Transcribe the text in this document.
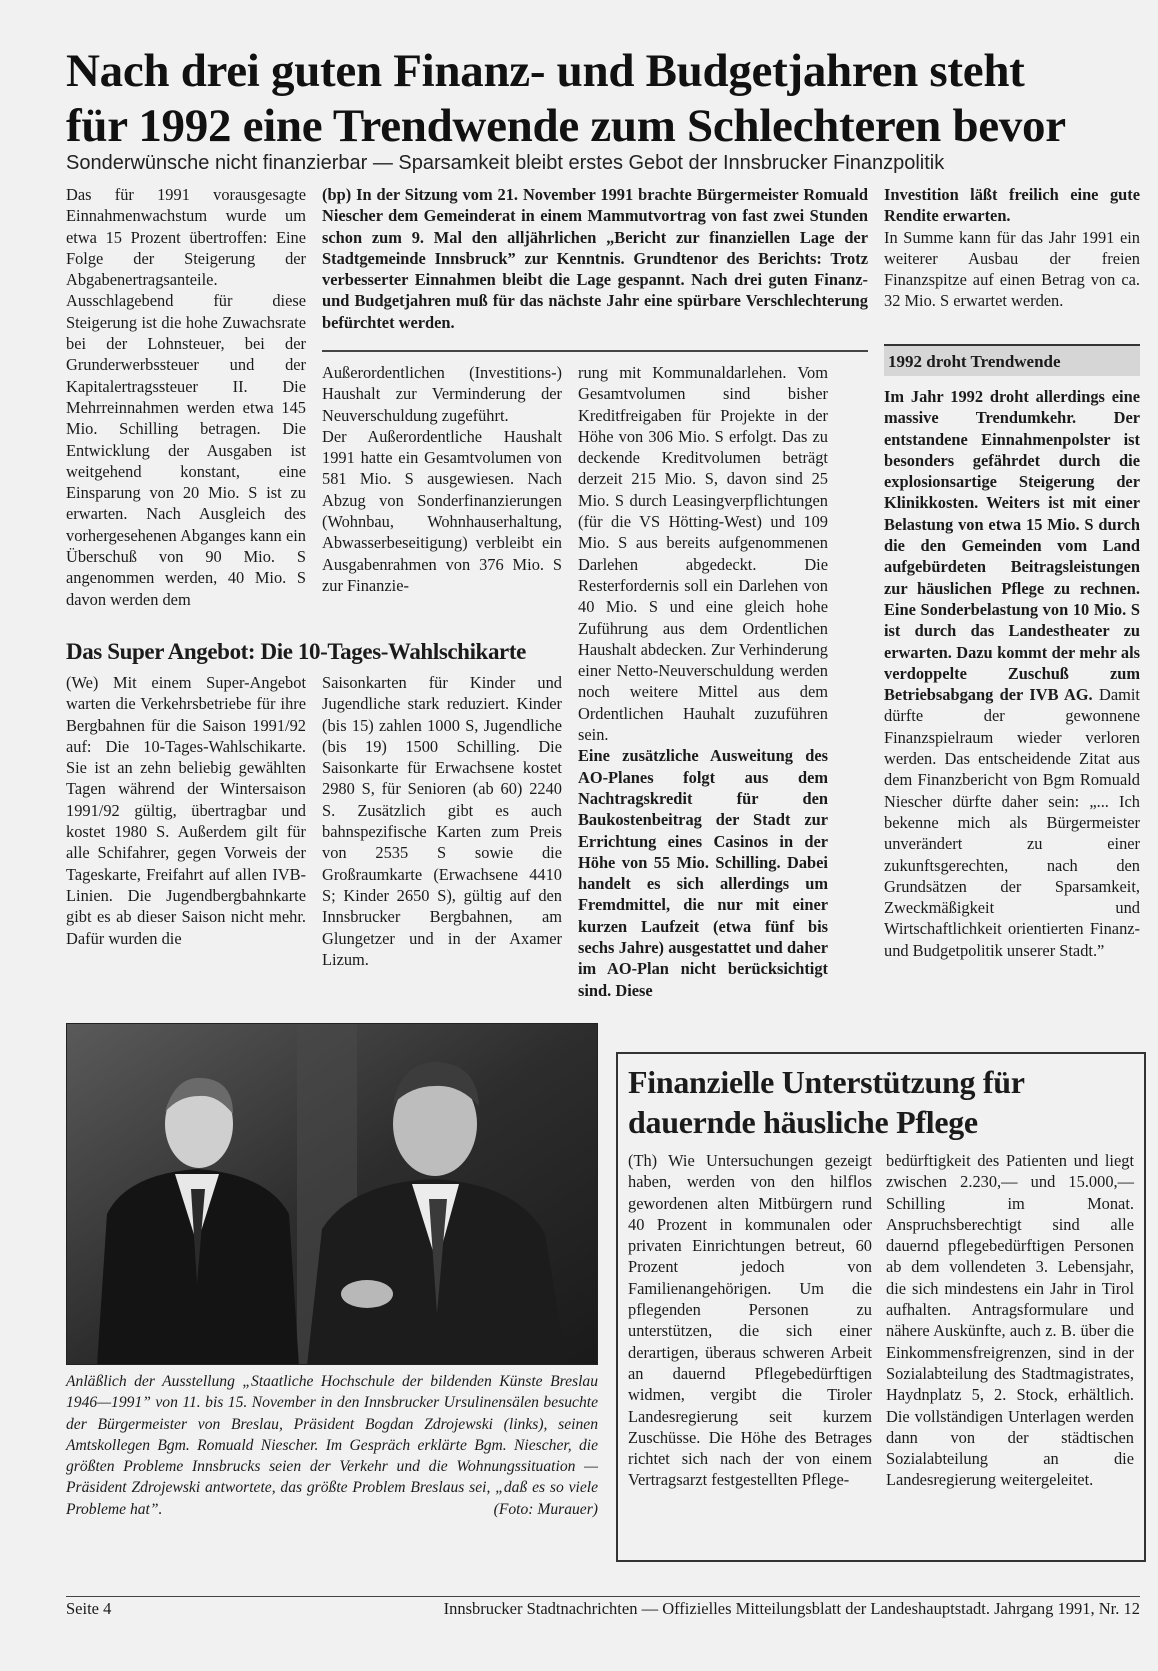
Nach drei guten Finanz- und Budgetjahren steht
für 1992 eine Trendwende zum Schlechteren bevor
Sonderwünsche nicht finanzierbar — Sparsamkeit bleibt erstes Gebot der Innsbrucker Finanzpolitik

Das für 1991 vorausgesagte Einnahmenwachstum wurde um etwa 15 Prozent übertroffen: Eine Folge der Steigerung der Abgabenertragsanteile. Ausschlagebend für diese Steigerung ist die hohe Zuwachsrate bei der Lohnsteuer, bei der Grunderwerbssteuer und der Kapitalertragssteuer II. Die Mehrreinnahmen werden etwa 145 Mio. Schilling betragen. Die Entwicklung der Ausgaben ist weitgehend konstant, eine Einsparung von 20 Mio. S ist zu erwarten. Nach Ausgleich des vorhergesehenen Abganges kann ein Überschuß von 90 Mio. S angenommen werden, 40 Mio. S davon werden dem

(bp) In der Sitzung vom 21. November 1991 brachte Bürgermeister Romuald Niescher dem Gemeinderat in einem Mammutvortrag von fast zwei Stunden schon zum 9. Mal den alljährlichen „Bericht zur finanziellen Lage der Stadtgemeinde Innsbruck” zur Kenntnis. Grundtenor des Berichts: Trotz verbesserter Einnahmen bleibt die Lage gespannt. Nach drei guten Finanz- und Budgetjahren muß für das nächste Jahr eine spürbare Verschlechterung befürchtet werden.

Außerordentlichen (Investitions-) Haushalt zur Verminderung der Neuverschuldung zugeführt.

Der Außerordentliche Haushalt 1991 hatte ein Gesamtvolumen von 581 Mio. S ausgewiesen. Nach Abzug von Sonderfinanzierungen (Wohnbau, Wohnhauserhaltung, Abwasserbeseitigung) verbleibt ein Ausgabenrahmen von 376 Mio. S zur Finanzie-

rung mit Kommunaldarlehen. Vom Gesamtvolumen sind bisher Kreditfreigaben für Projekte in der Höhe von 306 Mio. S erfolgt. Das zu deckende Kreditvolumen beträgt derzeit 215 Mio. S, davon sind 25 Mio. S durch Leasingverpflichtungen (für die VS Hötting-West) und 109 Mio. S aus bereits aufgenommenen Darlehen abgedeckt. Die Resterfordernis soll ein Darlehen von 40 Mio. S und eine gleich hohe Zuführung aus dem Ordentlichen Haushalt abdecken. Zur Verhinderung einer Netto-Neuverschuldung werden noch weitere Mittel aus dem Ordentlichen Hauhalt zuzuführen sein.

Eine zusätzliche Ausweitung des AO-Planes folgt aus dem Nachtragskredit für den Baukostenbeitrag der Stadt zur Errichtung eines Casinos in der Höhe von 55 Mio. Schilling. Dabei handelt es sich allerdings um Fremdmittel, die nur mit einer kurzen Laufzeit (etwa fünf bis sechs Jahre) ausgestattet und daher im AO-Plan nicht berücksichtigt sind. Diese

Investition läßt freilich eine gute Rendite erwarten.

In Summe kann für das Jahr 1991 ein weiterer Ausbau der freien Finanzspitze auf einen Betrag von ca. 32 Mio. S erwartet werden.

1992 droht Trendwende

Im Jahr 1992 droht allerdings eine massive Trendumkehr. Der entstandene Einnahmenpolster ist besonders gefährdet durch die explosionsartige Steigerung der Klinikkosten. Weiters ist mit einer Belastung von etwa 15 Mio. S durch die den Gemeinden vom Land aufgebürdeten Beitragsleistungen zur häuslichen Pflege zu rechnen. Eine Sonderbelastung von 10 Mio. S ist durch das Landestheater zu erwarten. Dazu kommt der mehr als verdoppelte Zuschuß zum Betriebsabgang der IVB AG. Damit dürfte der gewonnene Finanzspielraum wieder verloren werden. Das entscheidende Zitat aus dem Finanzbericht von Bgm Romuald Niescher dürfte daher sein: „... Ich bekenne mich als Bürgermeister unverändert zu einer zukunftsgerechten, nach den Grundsätzen der Sparsamkeit, Zweckmäßigkeit und Wirtschaftlichkeit orientierten Finanz- und Budgetpolitik unserer Stadt.”

Das Super Angebot: Die 10-Tages-Wahlschikarte
(We) Mit einem Super-Angebot warten die Verkehrsbetriebe für ihre Bergbahnen für die Saison 1991/92 auf: Die 10-Tages-Wahlschikarte. Sie ist an zehn beliebig gewählten Tagen während der Wintersaison 1991/92 gültig, übertragbar und kostet 1980 S. Außerdem gilt für alle Schifahrer, gegen Vorweis der Tageskarte, Freifahrt auf allen IVB-Linien. Die Jugendbergbahnkarte gibt es ab dieser Saison nicht mehr. Dafür wurden die
Saisonkarten für Kinder und Jugendliche stark reduziert. Kinder (bis 15) zahlen 1000 S, Jugendliche (bis 19) 1500 Schilling. Die Saisonkarte für Erwachsene kostet 2980 S, für Senioren (ab 60) 2240 S. Zusätzlich gibt es auch bahnspezifische Karten zum Preis von 2535 S sowie die Großraumkarte (Erwachsene 4410 S; Kinder 2650 S), gültig auf den Innsbrucker Bergbahnen, am Glungetzer und in der Axamer Lizum.

Anläßlich der Ausstellung „Staatliche Hochschule der bildenden Künste Breslau 1946—1991” von 11. bis 15. November in den Innsbrucker Ursulinensälen besuchte der Bürgermeister von Breslau, Präsident Bogdan Zdrojewski (links), seinen Amtskollegen Bgm. Romuald Niescher. Im Gespräch erklärte Bgm. Niescher, die größten Probleme Innsbrucks seien der Verkehr und die Wohnungssituation — Präsident Zdrojewski antwortete, das größte Problem Breslaus sei, „daß es so viele Probleme hat”.	(Foto: Murauer)

Finanzielle Unterstützung für
dauernde häusliche Pflege
(Th) Wie Untersuchungen gezeigt haben, werden von den hilflos gewordenen alten Mitbürgern rund 40 Prozent in kommunalen oder privaten Einrichtungen betreut, 60 Prozent jedoch von Familienangehörigen. Um die pflegenden Personen zu unterstützen, die sich einer derartigen, überaus schweren Arbeit an dauernd Pflegebedürftigen widmen, vergibt die Tiroler Landesregierung seit kurzem Zuschüsse. Die Höhe des Betrages richtet sich nach der von einem Vertragsarzt festgestellten Pflege-
bedürftigkeit des Patienten und liegt zwischen 2.230,— und 15.000,— Schilling im Monat. Anspruchsberechtigt sind alle dauernd pflegebedürftigen Personen ab dem vollendeten 3. Lebensjahr, die sich mindestens ein Jahr in Tirol aufhalten. Antragsformulare und nähere Auskünfte, auch z. B. über die Einkommensfreigrenzen, sind in der Sozialabteilung des Stadtmagistrates, Haydnplatz 5, 2. Stock, erhältlich. Die vollständigen Unterlagen werden dann von der städtischen Sozialabteilung an die Landesregierung weitergeleitet.
Seite 4	Innsbrucker Stadtnachrichten — Offizielles Mitteilungsblatt der Landeshauptstadt. Jahrgang 1991, Nr. 12
